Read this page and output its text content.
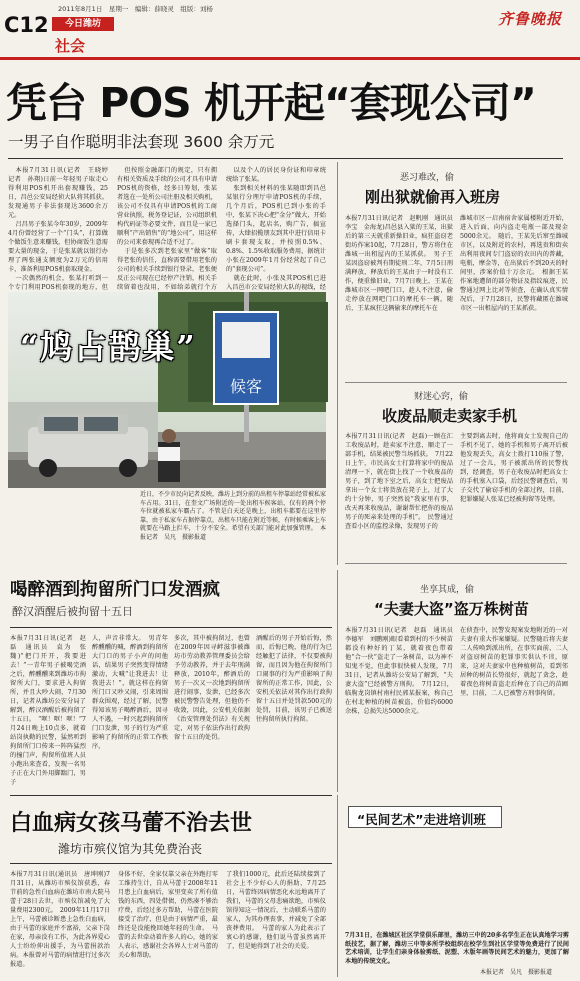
C12	今日潍坊
社会
2011年8月1日　星期一　编辑：薛晓灵　组版：刘杨
齐鲁晚报
凭台 POS 机开起“套现公司”
一男子自作聪明非法套现 3600 余万元

本报7月31日讯(记者　王晓婷　记者　孙翔)日前一年轻男子取走心得利用POS机开出套现赚钱，25日，昌邑公安局经侦大队将其抓获。发现通男子非法套现达3600余万元。

吕昌男子张某今年30岁，2009年4月份曾经营了一个“门头”，打算做个做饭生意来赚钱，但协商饭生意需要大量的现金，于是张某就以银行办理了两张通支额度为2万元的信用卡，准备利用POS机套取现金。

一次偶然的机会，张某打听到一个专门利用POS机套现的地方，但

但按照金融部门的规定，只有拥有相关资质及手续的公司才具有申请POS机的资格，经多日筹划，张某者选在一处所公司注册及相关购机，该公司不仅具有申请POS机的工商营业执照，税务登记证，公司组织机构代码证等必要文件，而且是一家已顺利“产出销售”的“地公司”，用这样的公司来套现再合适不过了。

于是张多次到老张家里“做客”取得老张的信任，直称需要借用老张的公司的相关手续到银行登录，老张便反正公司现在已经停产注销，相关手续留着也没用，不如给弟就行个方

以及个人的居民身份证和印章统统给了张某。

张到相关材料的张某随即到昌邑某银行分理厅申请POS机的手续，几个月后，POS机已到小张的手中，张某下决心把“金分”做大，开始选择门头，起店名，购广告，搞宣传，大肆招揽朋友到其中进行信用卡刷卡套现支取，并按照0.5%、0.8%、1.5%收取服务费用，据统计小张在2009年1月份经营起了自己的“套现公司”。

就在此时，小张及其POS机已进入昌邑市公安局经侦大队的视线，经

候客
“鸠占鹊巢”
近日，不少市民向记者反映，潍坊上到分前的出租车停靠站经常被私家车占用。31日，在奎文广场附近的一处出租车候客站，仅有的两个停车位就被私家车霸占了。不管是白天还是晚上，出租车都要在这里停靠，由于私家车占据停靠点，出租车只能在附近等候，有时候乘客上车就要在马路上拦车，十分不安全。希望有关部门能对此加强管理。　本报记者　吴凡　摄影报道
恶习难改，偷
刚出狱就偷再入班房
本报7月31日讯(记者　赵帆刚　通讯员　李宝　金海龙)昌邑县入狱的王某，出狱后的第三天就重新操旧业，疯狂盗窃老街坊作案10起，7月28日，警方将住在潍城一出租屋内的王某抓获。　男子王某因盗窃被判有期徒刑二年，7月5日刑满释放，释放后的王某由于一时没有工作，便重操旧业，7月7日晚上，王某在潍城市区一网吧门口，趁人不注意，偷走停放在网吧门口的摩托车一辆，随后，王某疯狂这辆偷来的摩托车在
潍城市区一启南宿舍家属楼附近开始，进入后面，向内盗走电瓶一部及现金 5000余元。　随后，王某先后窜至潍城市区，以及附近的农村，再选贵和街卖出利用夜间专门盗窃的农田内的普藏，电瓶，摩金等，在出狱后不到20天的时间里，涉案价值十万余元。　根据王某作案地遭留的部分物证及指纹痕迹，民警通过网上比对等侦查，在确认真实情况后，于7月28日，民警将藏匿在潍城市区一出租屋内的王某抓获。
财迷心窍，偷
收废品顺走卖家手机
本报7月31日讯(记者　赵磊)一顾在汇工收废品时，趁卖家不注意，顺走了一部手机，结果被民警当场抓获。　7月22日上午，市民高女士打算将家中的废品清理一下，就在街上找了一个收废品的男子，到了地下室之后，高女士把废品拿出一个女士将货放在凳子上，过了大约十分钟，男子突然说“我家里有事，改天再来收废品，谢谢帮忙把你的废品男子的死亲来处理的手机”。　民警通过查看小区的监控录像，发现男子的
主要到离去时，他将商女士发现自己的手机不见了，她的手机和男子离开后被他发现丢失，高女士拨打110报了警，过了一会儿，男子被派出所的民警找到，经调查，男子在收废品时把高女士的手机塞入口袋，后经民警调查后，男子交代了偷窃手机的全部过程，目前，犯罪嫌疑人张某已经被拘留等处理。
喝醉酒到拘留所门口发酒疯
醉汉酒醒后被拘留十五日
本报7月31日讯(记者　赵磊　通讯员　袁为　张魏)“把门开开，我要进去！”一青年男子被喝完酒之后，醉醺醺来到潍坊市拘留所大门，要求进入拘留所，并且大吵大闹，7月30日，记者从潍坊公安分局了解到，醉汉酒醒后被拘留了十五日。　“哐！哐！哐！”7月24日晚上10点多，就着站岗执勤的民警，猛然听到拘留所门口传来一阵阵猛烈的撞门声，拘留所值班人员小跑出来查看，发现一名男子正在大门外用脚踹门，男子
人，声音非常大。　男青年醉醺醺的喊，醉酒到拘留所大门口的男子小声的问他话，结果男子突然变得情绪激动，大喊“让我进去！让我进去！”，就这样在拘留所门口又吵又闹，引来周围群众围观，经过了解，民警得知该男子喝醉酒后，因寻人不遇，一时兴起到拘留所门口发泄，男子的行为严重影响了拘留所的正常工作秩序，
多次，其中被拘留过，也曾在2009年因寻衅滋事被潍坊市劳动教养管理委员会给予劳动教养，并于去年刑满释放，2010年，醉酒后的男子一次又一次地到拘留所进行闹事，发泄，已经多次被民警警告处理，但他仍不收敛，因此，公安机关依据《治安管理处罚法》有关规定，对男子依法作出行政拘留十五日的处罚。
酒醒后的男子开始后悔，然而，后悔已晚，他的行为已经触犯了法律，不仅要被拘留，而且因为他在拘留所门口闹事的行为严重影响了拘留所的正常工作，因此，公安机关依法对其作出行政拘留十五日并处罚款500元的处罚，目前，该男子已被送往拘留所执行拘留。
坐享其成，偷
“夫妻大盗”盗万株树苗
本报7月31日讯(记者　赵磊　通讯员　李德军　刘鹏刚)眼看着到村的不少树苗都没有种好的丁某，就着夜色带着他“合一伙”盗走了一条树苗，以为神不知鬼不觉，但此事很快被人发现，7月31日，记者从潍坊公安局了解到，“夫妻大盗”已经被警方刑拘。　7月12日，临朐龙岗镇村南村民郭某报案，称自己在村北种植的树苗被盗，价值约6000余株，总损失达5000余元。
在侦查中，民警发现案发地附近的一对夫妻有重大作案嫌疑。民警随后将夫妻二人传唤到派出所，在事实面前，二人对盗窃树苗的犯罪事实供认不讳，原来，这对夫妻家中也种植树苗，看到邻居种的树苗长势很好，就起了贪念，趁着夜色将树苗盗走后种在了自己的苗圃里，目前，二人已被警方刑事拘留。
白血病女孩马蕾不治去世
潍坊市殡仪馆为其免费治丧
本报7月31日讯(通讯员　唐坤刚)7月31日，从潍坊市殡仪馆获悉，春节前的急性白血病在潍坊市南大院马蕾于28日去世，市殡仪馆减免了大量费用2300元。　2009年11月17日上午，马蕾被诊断患上急性白血病，由于马蕾的家庭并不富裕，父亲下岗在家，母亲没有工作，为此各界爱心人士纷纷伸出援手，为马蕾捐款治病。本报曾对马蕾的病情进行过多次报道。
身体不好，全家仅靠父亲在外跑打零工维持生计，自从马蕾于2008年11月患上白血病后，家里变卖了所有值钱的东西，四处借债，仍然凑不够治疗费，后经过多方帮助，马蕾在医院接受了治疗，但是由于病情严重，最终还是没能挽回她年轻的生命。　马蕾的去世牵动着许多人的心，她的家人表示，感谢社会各界人士对马蕾的关心和帮助。
了我们1000元，此后还陆续接到了社会上不少好心人的捐助，7月25日，马蕾终因病情恶化永远地离开了我们，马蕾的父母悲痛欲绝，市殡仪馆得知这一情况后，主动联系马蕾的家人，为其办理丧事，并减免了全部丧葬费用。　马蕾的家人为此表示了衷心的感谢，他们说马蕾虽然离开了，但是她得到了社会的关爱。
“民间艺术”走进培训班
7月31日，在潍城区社区学堂俱乐部里，潍坊三中的20多名学生正在认真地学习剪纸技艺，据了解，潍坊三中等多所学校组织在校学生到社区学堂等免费进行了民间艺术培训，让学生们亲身体验剪纸、泥塑、木版年画等民间艺术的魅力，更加了解本地的传统文化。
本报记者　吴凡　摄影报道
